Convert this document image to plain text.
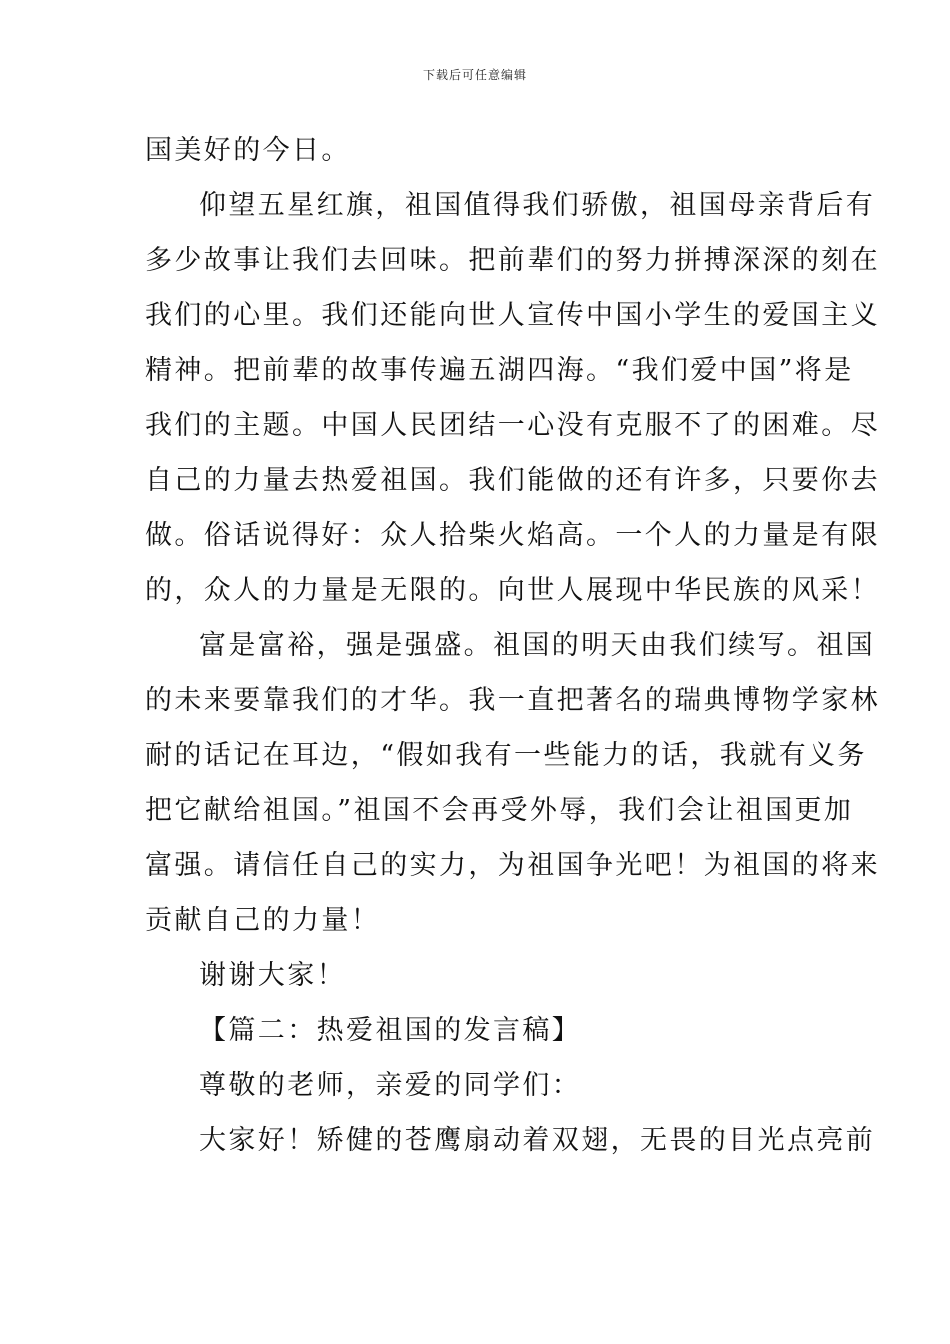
下载后可任意编辑
国美好的今日。
仰望五星红旗，祖国值得我们骄傲，祖国母亲背后有
多少故事让我们去回味。把前辈们的努力拼搏深深的刻在
我们的心里。我们还能向世人宣传中国小学生的爱国主义
精神。把前辈的故事传遍五湖四海。“我们爱中国”将是
我们的主题。中国人民团结一心没有克服不了的困难。尽
自己的力量去热爱祖国。我们能做的还有许多，只要你去
做。俗话说得好：众人拾柴火焰高。一个人的力量是有限
的，众人的力量是无限的。向世人展现中华民族的风采！
富是富裕，强是强盛。祖国的明天由我们续写。祖国
的未来要靠我们的才华。我一直把著名的瑞典博物学家林
耐的话记在耳边，“假如我有一些能力的话，我就有义务
把它献给祖国。”祖国不会再受外辱，我们会让祖国更加
富强。请信任自己的实力，为祖国争光吧！为祖国的将来
贡献自己的力量！
谢谢大家！
【篇二：热爱祖国的发言稿】
尊敬的老师，亲爱的同学们：
大家好！矫健的苍鹰扇动着双翅，无畏的目光点亮前
